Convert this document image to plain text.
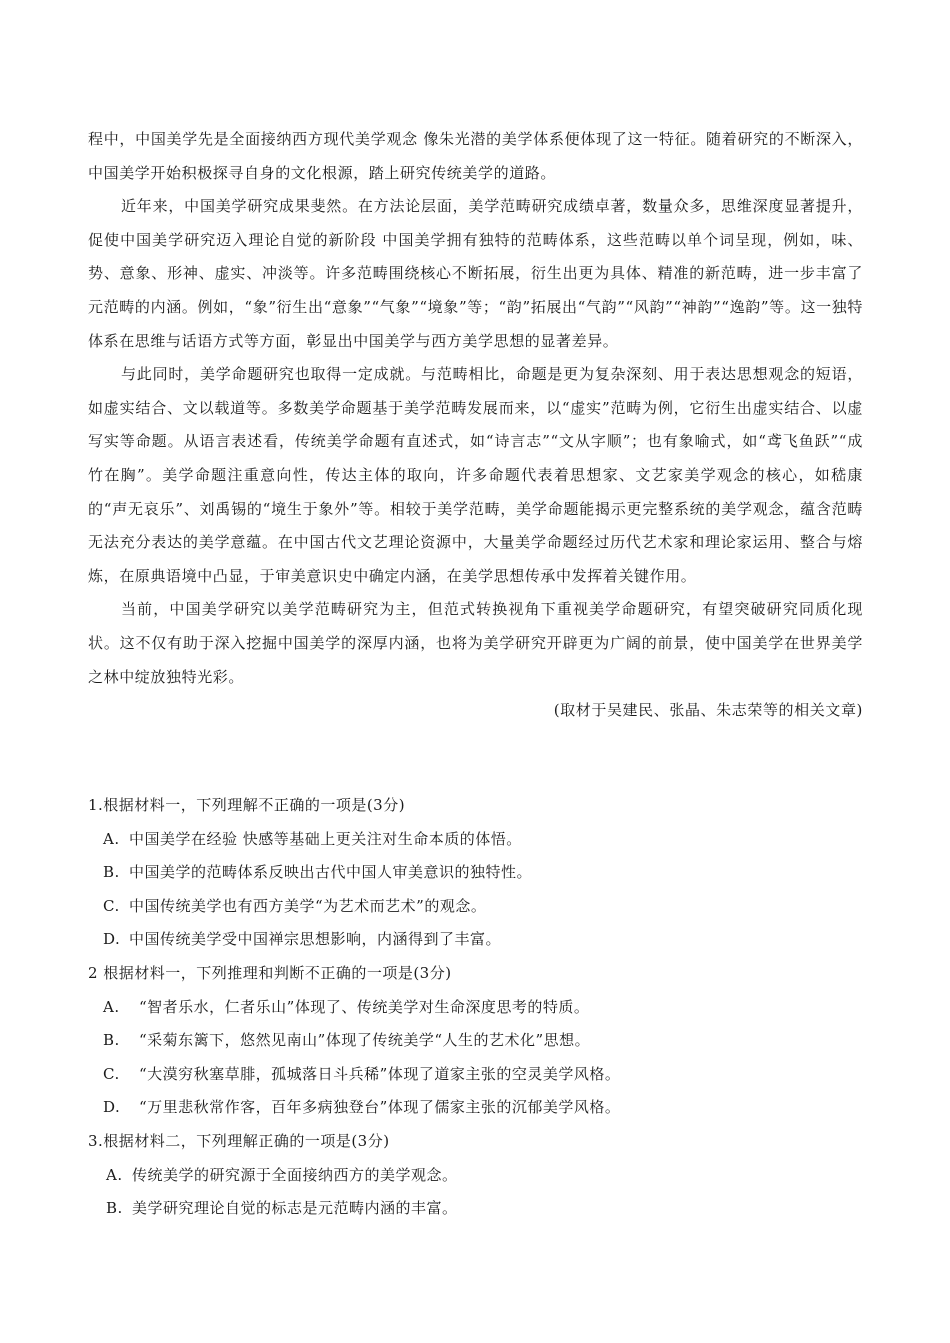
程中，中国美学先是全面接纳西方现代美学观念 像朱光潜的美学体系便体现了这一特征。随着研究的不断深入，中国美学开始积极探寻自身的文化根源，踏上研究传统美学的道路。

近年来，中国美学研究成果斐然。在方法论层面，美学范畴研究成绩卓著，数量众多，思维深度显著提升，促使中国美学研究迈入理论自觉的新阶段 中国美学拥有独特的范畴体系，这些范畴以单个词呈现，例如，味、势、意象、形神、虚实、冲淡等。许多范畴围绕核心不断拓展，衍生出更为具体、精准的新范畴，进一步丰富了元范畴的内涵。例如，“象”衍生出“意象”“气象”“境象”等；“韵”拓展出“气韵”“风韵”“神韵”“逸韵”等。这一独特体系在思维与话语方式等方面，彰显出中国美学与西方美学思想的显著差异。

与此同时，美学命题研究也取得一定成就。与范畴相比，命题是更为复杂深刻、用于表达思想观念的短语，如虚实结合、文以载道等。多数美学命题基于美学范畴发展而来，以“虚实”范畴为例，它衍生出虚实结合、以虚写实等命题。从语言表述看，传统美学命题有直述式，如“诗言志”“文从字顺”；也有象喻式，如“鸢飞鱼跃”“成竹在胸”。美学命题注重意向性，传达主体的取向，许多命题代表着思想家、文艺家美学观念的核心，如嵇康的“声无哀乐”、刘禹锡的“境生于象外”等。相较于美学范畴，美学命题能揭示更完整系统的美学观念，蕴含范畴无法充分表达的美学意蕴。在中国古代文艺理论资源中，大量美学命题经过历代艺术家和理论家运用、整合与熔炼，在原典语境中凸显，于审美意识史中确定内涵，在美学思想传承中发挥着关键作用。

当前，中国美学研究以美学范畴研究为主，但范式转换视角下重视美学命题研究，有望突破研究同质化现状。这不仅有助于深入挖掘中国美学的深厚内涵，也将为美学研究开辟更为广阔的前景，使中国美学在世界美学之林中绽放独特光彩。

(取材于吴建民、张晶、朱志荣等的相关文章)

1.根据材料一，下列理解不正确的一项是(3分)

A. 中国美学在经验 快感等基础上更关注对生命本质的体悟。

B. 中国美学的范畴体系反映出古代中国人审美意识的独特性。

C. 中国传统美学也有西方美学“为艺术而艺术”的观念。

D. 中国传统美学受中国禅宗思想影响，内涵得到了丰富。

2 根据材料一，下列推理和判断不正确的一项是(3分)

A. “智者乐水，仁者乐山”体现了、传统美学对生命深度思考的特质。

B. “采菊东篱下，悠然见南山”体现了传统美学“人生的艺术化”思想。

C. “大漠穷秋塞草腓，孤城落日斗兵稀”体现了道家主张的空灵美学风格。

D. “万里悲秋常作客，百年多病独登台”体现了儒家主张的沉郁美学风格。

3.根据材料二，下列理解正确的一项是(3分)

A. 传统美学的研究源于全面接纳西方的美学观念。

B. 美学研究理论自觉的标志是元范畴内涵的丰富。
